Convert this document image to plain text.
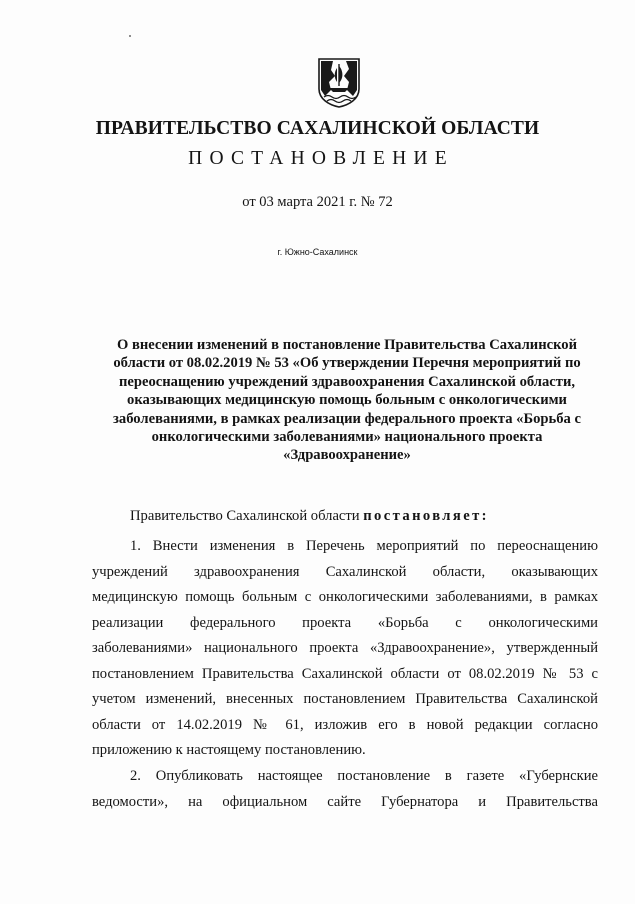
ПРАВИТЕЛЬСТВО САХАЛИНСКОЙ ОБЛАСТИ
ПОСТАНОВЛЕНИЕ
от 03 марта 2021 г. № 72
г. Южно-Сахалинск
О внесении изменений в постановление Правительства Сахалинской
области от 08.02.2019 № 53 «Об утверждении Перечня мероприятий по
переоснащению учреждений здравоохранения Сахалинской области,
оказывающих медицинскую помощь больным с онкологическими
заболеваниями, в рамках реализации федерального проекта «Борьба с
онкологическими заболеваниями» национального проекта
«Здравоохранение»
Правительство Сахалинской области постановляет:
1. Внести изменения в Перечень мероприятий по переоснащению
учреждений здравоохранения Сахалинской области, оказывающих
медицинскую помощь больным с онкологическими заболеваниями, в рамках
реализации федерального проекта «Борьба с онкологическими
заболеваниями» национального проекта «Здравоохранение», утвержденный
постановлением Правительства Сахалинской области от 08.02.2019 № 53 с
учетом изменений, внесенных постановлением Правительства Сахалинской
области от 14.02.2019 № 61, изложив его в новой редакции согласно
приложению к настоящему постановлению.
2. Опубликовать настоящее постановление в газете «Губернские
ведомости», на официальном сайте Губернатора и Правительства
